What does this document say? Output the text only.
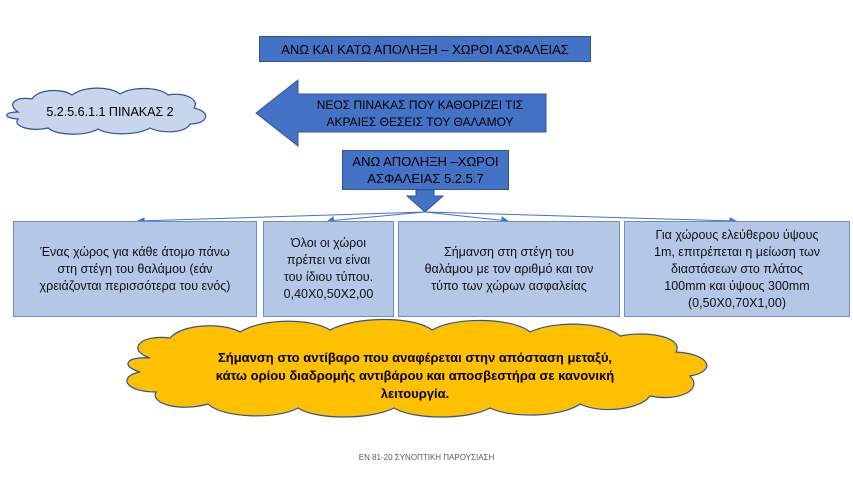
5.2.5.6.1.1 ΠΙΝΑΚΑΣ 2	ΝΕΟΣ ΠΙΝΑΚΑΣ ΠΟΥ ΚΑΘΟΡΙΖΕΙ ΤΙΣ
ΑΚΡΑΙΕΣ ΘΕΣΕΙΣ ΤΟΥ ΘΑΛΑΜΟΥ
Σήμανση στο αντίβαρο που αναφέρεται στην απόσταση μεταξύ,
κάτω ορίου διαδρομής αντιβάρου και αποσβεστήρα σε κανονική
λειτουργία.
ΑΝΩ ΚΑΙ ΚΑΤΩ ΑΠΟΛΗΞΗ – ΧΩΡΟΙ ΑΣΦΑΛΕΙΑΣ
ΑΝΩ ΑΠΟΛΗΞΗ –ΧΩΡΟΙ
ΑΣΦΑΛΕΙΑΣ 5.2.5.7
Ένας χώρος για κάθε άτομο πάνω
στη στέγη του θαλάμου (εάν
χρειάζονται περισσότερα του ενός)
Όλοι οι χώροι
πρέπει να είναι
του ίδιου τύπου.
0,40Χ0,50Χ2,00
Σήμανση στη στέγη του
θαλάμου με τον αριθμό και τον
τύπο των χώρων ασφαλείας
Για χώρους ελεύθερου ύψους
1m, επιτρέπεται η μείωση των
διαστάσεων στο πλάτος
100mm και ύψους 300mm
(0,50Χ0,70Χ1,00)
ΕΝ 81-20 ΣΥΝΟΠΤΙΚΗ ΠΑΡΟΥΣΙΑΣΗ
